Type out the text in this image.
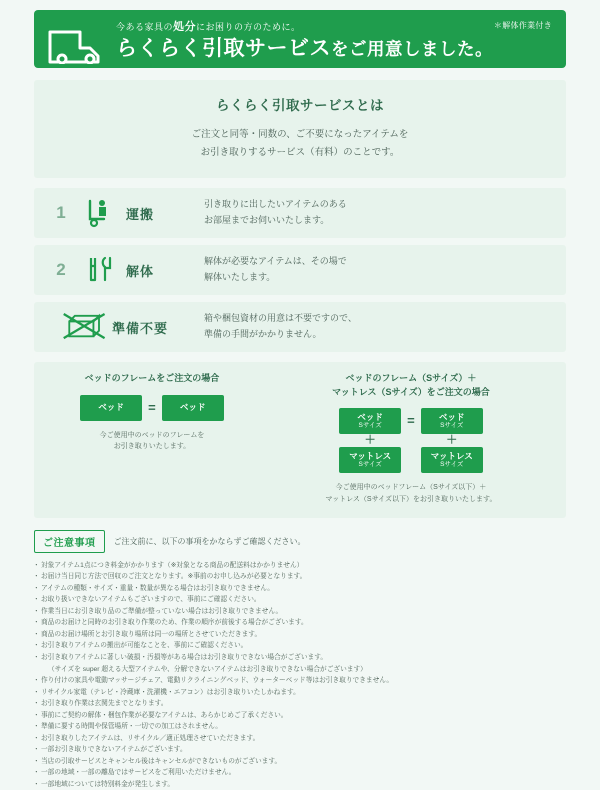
今ある家具の処分にお困りの方のために。
らくらく引取サービスをご用意しました。
＊解体作業付き
らくらく引取サービスとは

ご注文と同等・同数の、ご不要になったアイテムを
お引き取りするサービス（有料）のことです。

1	運搬
引き取りに出したいアイテムのある
お部屋までお伺いいたします。
2	解体
解体が必要なアイテムは、その場で
解体いたします。
準備不要
箱や梱包資材の用意は不要ですので、
準備の手間がかかりません。
ベッドのフレームをご注文の場合
ベッド =	ベッド
今ご使用中のベッドのフレームを
お引き取りいたします。
ベッドのフレーム（Sサイズ）＋
マットレス（Sサイズ）をご注文の場合
ベッド
Sサイズ
＋
マットレス
Sサイズ
=	ベッド
Sサイズ
＋
マットレス
Sサイズ
今ご使用中のベッドフレーム（Sサイズ以下）＋
マットレス（Sサイズ以下）をお引き取りいたします。
ご注意事項	ご注文前に、以下の事項をかならずご確認ください。
・ 対象アイテム1点につき料金がかかります（※対象となる商品の配送料はかかりません）
・ お届け当日同じ方法で回収のご注文となります。※事前のお申し込みが必要となります。
・ アイテムの種類・サイズ・重量・数量が異なる場合はお引き取りできません。
・ お取り扱いできないアイテムもございますので、事前にご確認ください。
・ 作業当日にお引き取り品のご準備が整っていない場合はお引き取りできません。
・ 商品のお届けと同時のお引き取り作業のため、作業の順序が前後する場合がございます。
・ 商品のお届け場所とお引き取り場所は同一の場所とさせていただきます。
・ お引き取りアイテムの搬出が可能なことを、事前にご確認ください。
・ お引き取りアイテムに著しい破損・汚損等がある場合はお引き取りできない場合がございます。
（サイズを super 超える大型アイテムや、分解できないアイテムはお引き取りできない場合がございます）
・ 作り付けの家具や電動マッサージチェア、電動リクライニングベッド、ウォーターベッド等はお引き取りできません。
・ リサイクル家電（テレビ・冷蔵庫・洗濯機・エアコン）はお引き取りいたしかねます。
・ お引き取り作業は玄関先までとなります。
・ 事前にご契約の解体・梱包作業が必要なアイテムは、あらかじめご了承ください。
・ 準備に要する時間や保管場所・一切での加工はされません。
・ お引き取りしたアイテムは、リサイクル／適正処理させていただきます。
・ 一部お引き取りできないアイテムがございます。
・ 当店の引取サービスとキャンセル後はキャンセルができないものがございます。
・ 一部の地域・一部の離島ではサービスをご利用いただけません。
・ 一部地域については特別料金が発生します。
